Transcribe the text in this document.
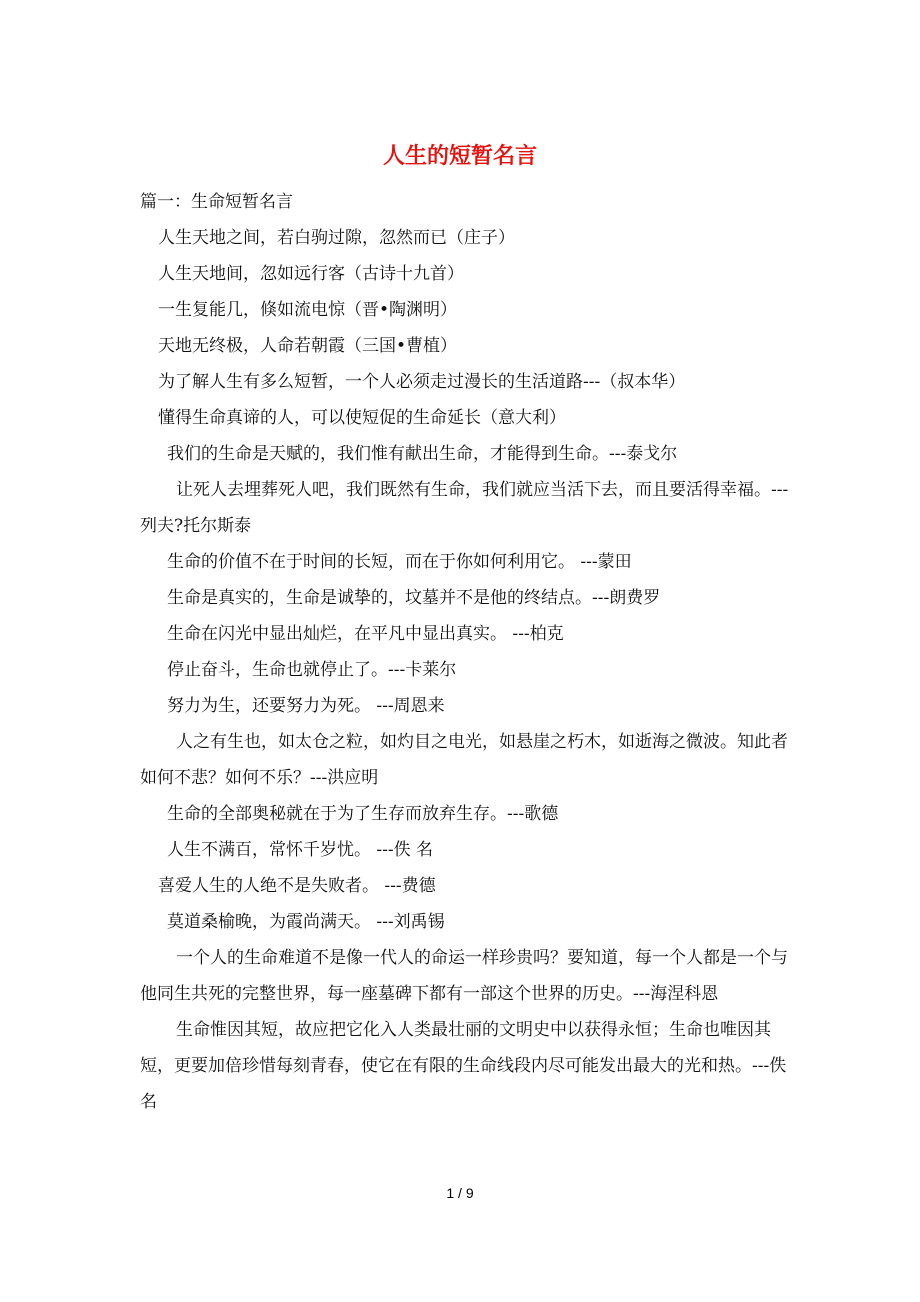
人生的短暂名言

篇一：生命短暂名言

人生天地之间，若白驹过隙，忽然而已（庄子）

人生天地间，忽如远行客（古诗十九首）

一生复能几，倏如流电惊（晋•陶渊明）

天地无终极，人命若朝霞（三国•曹植）

为了解人生有多么短暂，一个人必须走过漫长的生活道路---（叔本华）

懂得生命真谛的人，可以使短促的生命延长（意大利）

我们的生命是天赋的，我们惟有献出生命，才能得到生命。---泰戈尔

让死人去埋葬死人吧，我们既然有生命，我们就应当活下去，而且要活得幸福。---列夫?托尔斯泰

生命的价值不在于时间的长短，而在于你如何利用它。 ---蒙田

生命是真实的，生命是诚挚的，坟墓并不是他的终结点。---朗费罗

生命在闪光中显出灿烂，在平凡中显出真实。 ---柏克

停止奋斗，生命也就停止了。---卡莱尔

努力为生，还要努力为死。 ---周恩来

人之有生也，如太仓之粒，如灼目之电光，如悬崖之朽木，如逝海之微波。知此者如何不悲？如何不乐？---洪应明

生命的全部奥秘就在于为了生存而放弃生存。---歌德

人生不满百，常怀千岁忧。 ---佚 名

喜爱人生的人绝不是失败者。 ---费德

莫道桑榆晚，为霞尚满天。 ---刘禹锡

一个人的生命难道不是像一代人的命运一样珍贵吗？要知道，每一个人都是一个与他同生共死的完整世界，每一座墓碑下都有一部这个世界的历史。---海涅科恩

生命惟因其短，故应把它化入人类最壮丽的文明史中以获得永恒；生命也唯因其短，更要加倍珍惜每刻青春，使它在有限的生命线段内尽可能发出最大的光和热。---佚名

1 / 9
